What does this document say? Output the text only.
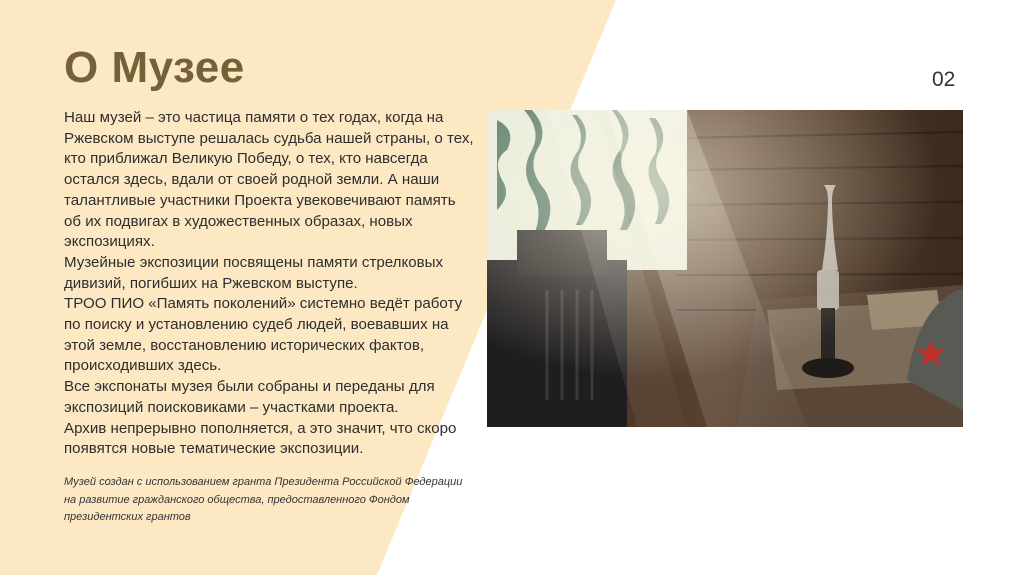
О Музее	02

Наш музей – это частица памяти о тех годах, когда на Ржевском выступе решалась судьба нашей страны, о тех, кто приближал Великую Победу, о тех, кто навсегда остался здесь, вдали от своей родной земли. А наши талантливые участники Проекта увековечивают память об их подвигах в художественных образах, новых экспозициях.

Музейные экспозиции посвящены памяти стрелковых дивизий, погибших на Ржевском выступе.

ТРОО ПИО «Память поколений» системно ведёт работу по поиску и установлению судеб людей, воевавших на этой земле, восстановлению исторических фактов, происходивших здесь.

Все экспонаты музея были собраны и переданы для экспозиций поисковиками – участками проекта.

Архив непрерывно пополняется, а это значит, что скоро появятся новые тематические экспозиции.

Музей создан с использованием гранта Президента Российской Федерации на развитие гражданского общества, предоставленного Фондом президентских грантов
